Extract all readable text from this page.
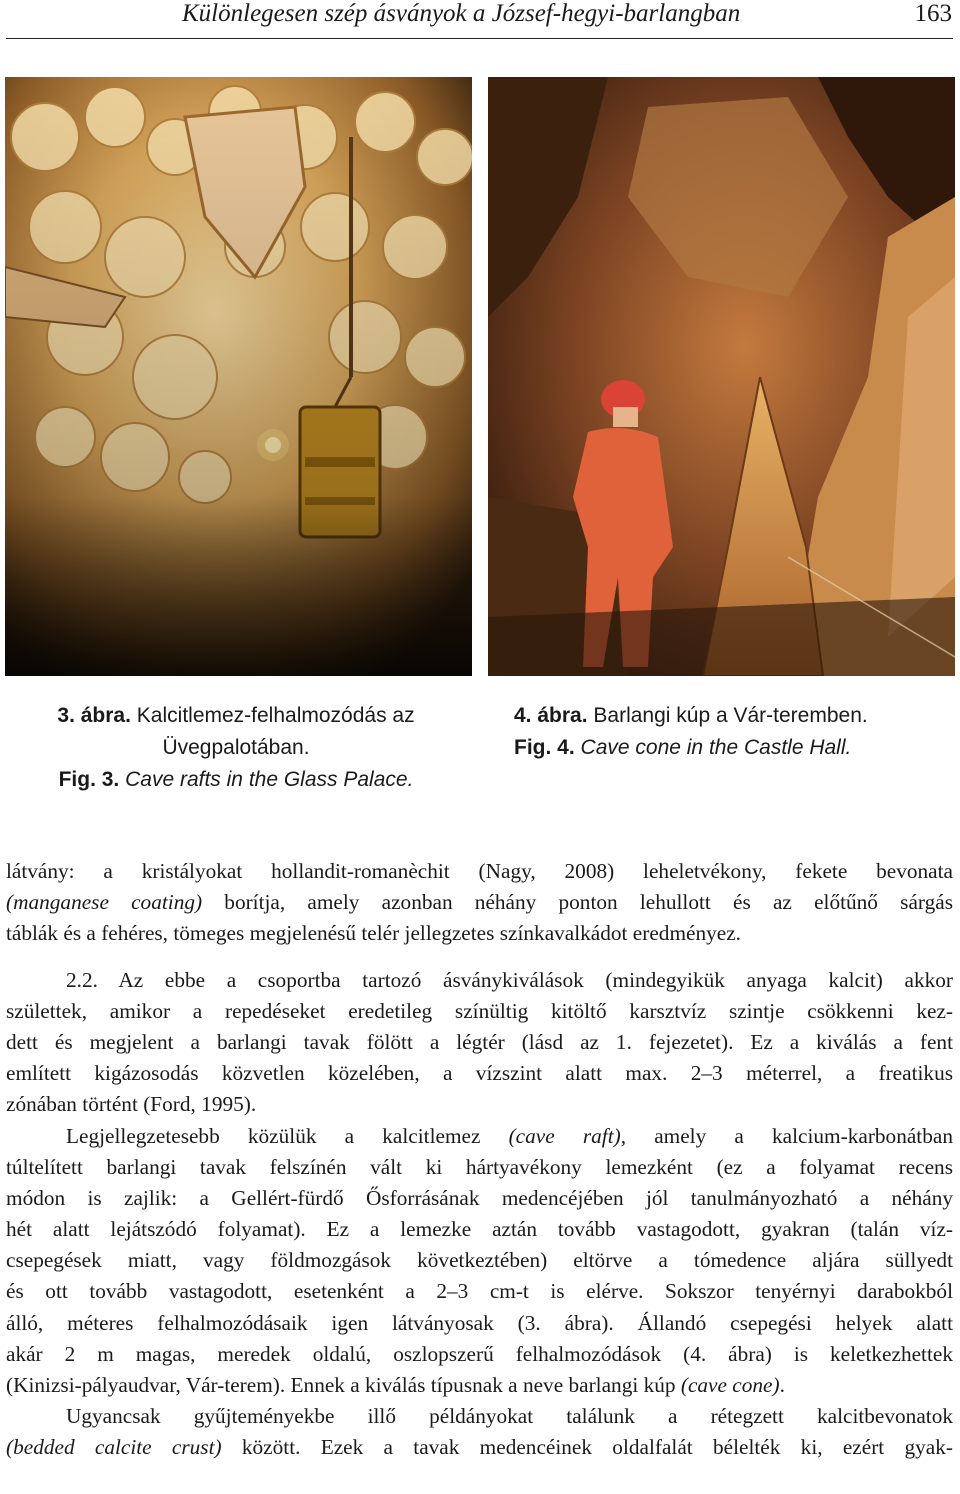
Különlegesen szép ásványok a József-hegyi-barlangban	163
3. ábra. Kalcitlemez-felhalmozódás az
Üvegpalotában.
Fig. 3. Cave rafts in the Glass Palace.
4. ábra. Barlangi kúp a Vár-teremben.
Fig. 4. Cave cone in the Castle Hall.
látvány: a kristályokat hollandit-romanèchit (Nagy, 2008) leheletvékony, fekete bevonata
(manganese coating) borítja, amely azonban néhány ponton lehullott és az előtűnő sárgás
táblák és a fehéres, tömeges megjelenésű telér jellegzetes színkavalkádot eredményez.
2.2. Az ebbe a csoportba tartozó ásványkiválások (mindegyikük anyaga kalcit) akkor
születtek, amikor a repedéseket eredetileg színültig kitöltő karsztvíz szintje csökkenni kez-
dett és megjelent a barlangi tavak fölött a légtér (lásd az 1. fejezetet). Ez a kiválás a fent
említett kigázosodás közvetlen közelében, a vízszint alatt max. 2–3 méterrel, a freatikus
zónában történt (Ford, 1995).
Legjellegzetesebb közülük a kalcitlemez (cave raft), amely a kalcium-karbonátban
túltelített barlangi tavak felszínén vált ki hártyavékony lemezként (ez a folyamat recens
módon is zajlik: a Gellért-fürdő Ősforrásának medencéjében jól tanulmányozható a néhány
hét alatt lejátszódó folyamat). Ez a lemezke aztán tovább vastagodott, gyakran (talán víz-
csepegések miatt, vagy földmozgások következtében) eltörve a tómedence aljára süllyedt
és ott tovább vastagodott, esetenként a 2–3 cm-t is elérve. Sokszor tenyérnyi darabokból
álló, méteres felhalmozódásaik igen látványosak (3. ábra). Állandó csepegési helyek alatt
akár 2 m magas, meredek oldalú, oszlopszerű felhalmozódások (4. ábra) is keletkezhettek
(Kinizsi-pályaudvar, Vár-terem). Ennek a kiválás típusnak a neve barlangi kúp (cave cone).
Ugyancsak gyűjteményekbe illő példányokat találunk a rétegzett kalcitbevonatok
(bedded calcite crust) között. Ezek a tavak medencéinek oldalfalát bélelték ki, ezért gyak-
